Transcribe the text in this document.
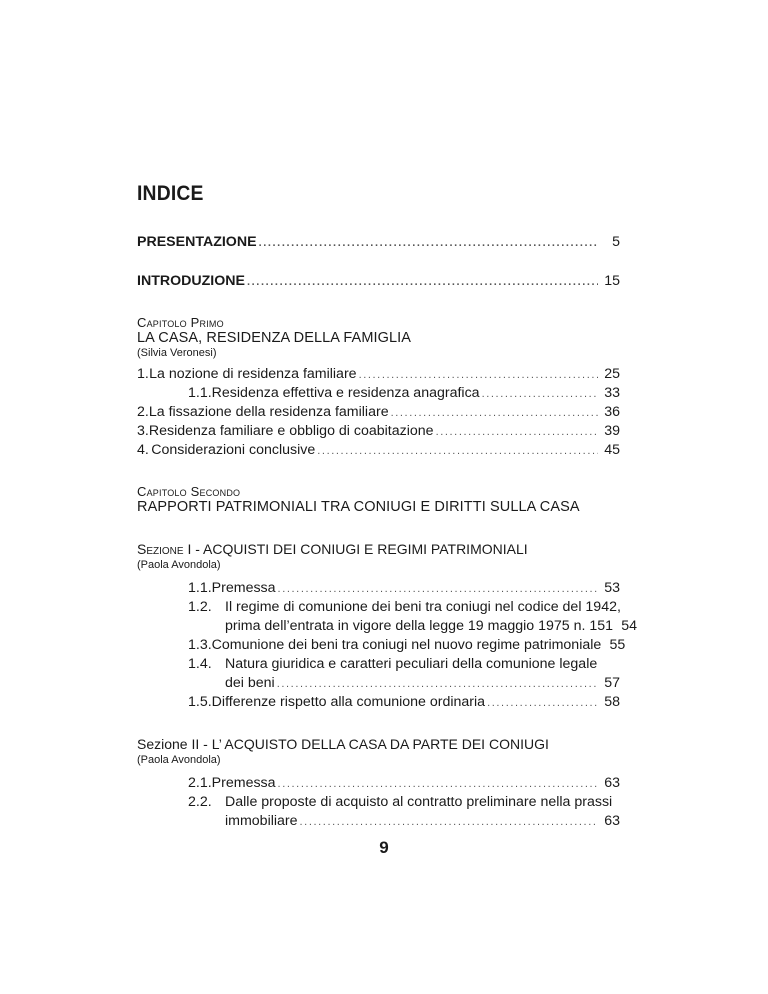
INDICE
PRESENTAZIONE .....	5
INTRODUZIONE .....	15
Capitolo Primo
LA CASA, RESIDENZA DELLA FAMIGLIA
(Silvia Veronesi)
1. La nozione di residenza familiare .....	25
1.1. Residenza effettiva e residenza anagrafica .....	33
2. La fissazione della residenza familiare .....	36
3. Residenza familiare e obbligo di coabitazione .....	39
4. Considerazioni conclusive .....	45
Capitolo Secondo
RAPPORTI PATRIMONIALI TRA CONIUGI E DIRITTI SULLA CASA
Sezione I - ACQUISTI DEI CONIUGI E REGIMI PATRIMONIALI
(Paola Avondola)
1.1. Premessa .....	53
1.2. Il regime di comunione dei beni tra coniugi nel codice del 1942,
prima dell’entrata in vigore della legge 19 maggio 1975 n. 151 54
1.3. Comunione dei beni tra coniugi nel nuovo regime patrimoniale 55
1.4. Natura giuridica e caratteri peculiari della comunione legale
dei beni .....	57
1.5. Differenze rispetto alla comunione ordinaria .....	58
Sezione II - L’ ACQUISTO DELLA CASA DA PARTE DEI CONIUGI
(Paola Avondola)
2.1. Premessa .....	63
2.2. Dalle proposte di acquisto al contratto preliminare nella prassi
immobiliare .....	63
9
